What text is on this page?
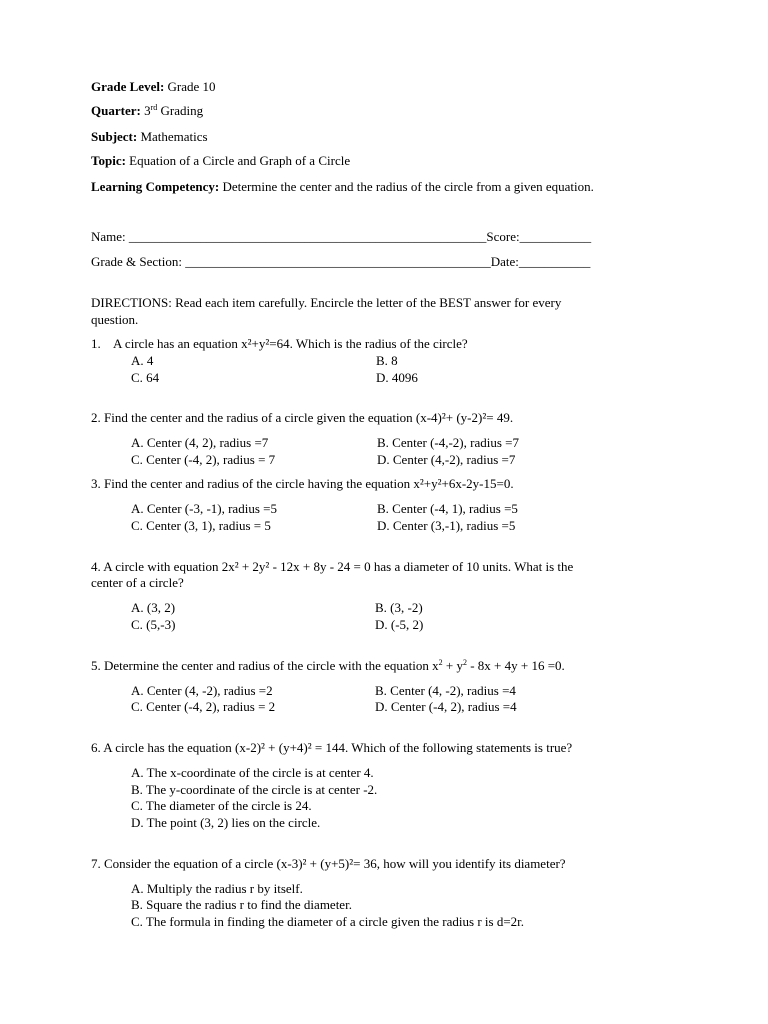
Grade Level: Grade 10
Quarter: 3rd Grading
Subject: Mathematics
Topic: Equation of a Circle and Graph of a Circle
Learning Competency: Determine the center and the radius of the circle from a given equation.
Name: _______________________________________________________Score:___________
Grade & Section: _______________________________________________Date:___________
DIRECTIONS: Read each item carefully. Encircle the letter of the BEST answer for every
question.
1. A circle has an equation x²+y²=64. Which is the radius of the circle?
A. 4	B. 8
C. 64	D. 4096
2. Find the center and the radius of a circle given the equation (x-4)²+ (y-2)²= 49.
A. Center (4, 2), radius =7	B. Center (-4,-2), radius =7
C. Center (-4, 2), radius = 7	D. Center (4,-2), radius =7
3. Find the center and radius of the circle having the equation x²+y²+6x-2y-15=0.
A. Center (-3, -1), radius =5	B. Center (-4, 1), radius =5
C. Center (3, 1), radius = 5	D. Center (3,-1), radius =5
4. A circle with equation 2x² + 2y² - 12x + 8y - 24 = 0 has a diameter of 10 units. What is the
center of a circle?
A. (3, 2)	B. (3, -2)
C. (5,-3)	D. (-5, 2)
5. Determine the center and radius of the circle with the equation $x^2 + y^2 - 8x + 4y + 16 =0$.
A. Center (4, -2), radius =2	B. Center (4, -2), radius =4
C. Center (-4, 2), radius = 2	D. Center (-4, 2), radius =4
6. A circle has the equation (x-2)² + (y+4)² = 144. Which of the following statements is true?
A. The x-coordinate of the circle is at center 4.
B. The y-coordinate of the circle is at center -2.
C. The diameter of the circle is 24.
D. The point (3, 2) lies on the circle.
7. Consider the equation of a circle (x-3)² + (y+5)²= 36, how will you identify its diameter?
A. Multiply the radius r by itself.
B. Square the radius r to find the diameter.
C. The formula in finding the diameter of a circle given the radius r is d=2r.
